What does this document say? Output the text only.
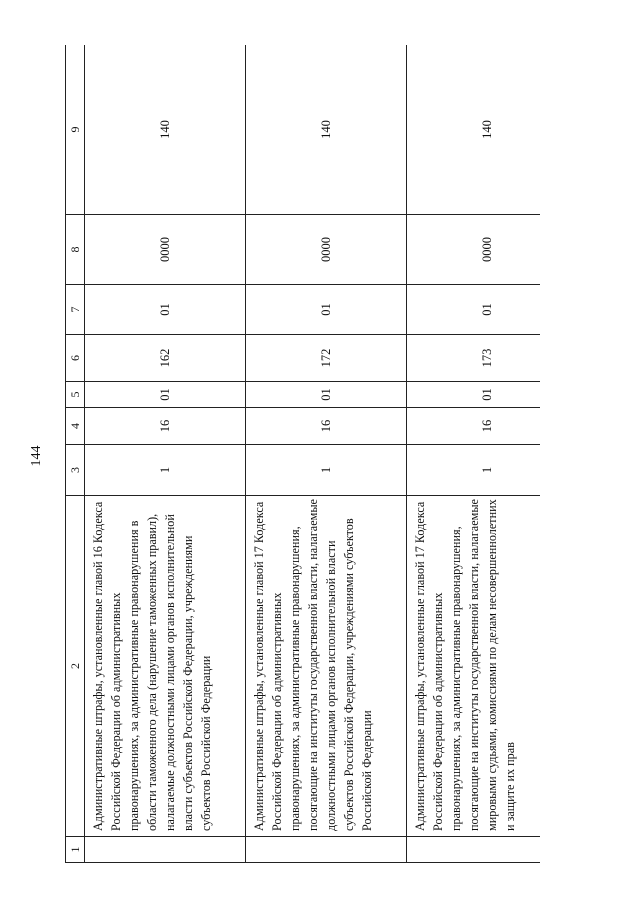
144
1	2	3	4	5	6	7	8	9
	Административные штрафы, установленные главой 16 Кодекса Российской Федерации об административных правонарушениях, за административные правонарушения в области таможенного дела (нарушение таможенных правил), налагаемые должностными лицами органов исполнительной власти субъектов Российской Федерации, учреждениями субъектов Российской Федерации	1	16	01	162	01	0000	140
	Административные штрафы, установленные главой 17 Кодекса Российской Федерации об административных правонарушениях, за административные правонарушения, посягающие на институты государственной власти, налагаемые должностными лицами органов исполнительной власти субъектов Российской Федерации, учреждениями субъектов Российской Федерации	1	16	01	172	01	0000	140
	Административные штрафы, установленные главой 17 Кодекса Российской Федерации об административных правонарушениях, за административные правонарушения, посягающие на институты государственной власти, налагаемые мировыми судьями, комиссиями по делам несовершеннолетних и защите их прав	1	16	01	173	01	0000	140
